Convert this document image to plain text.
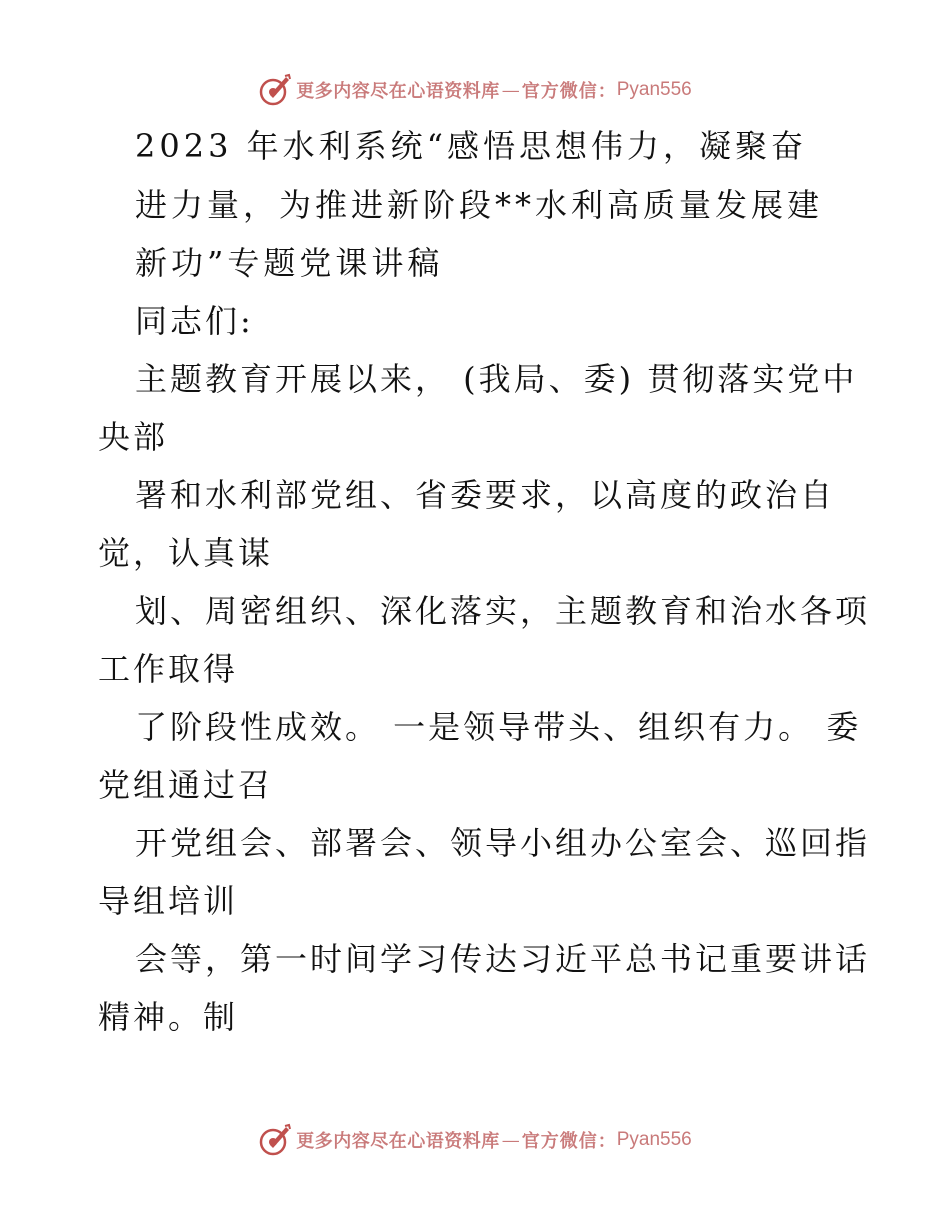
更多内容尽在心语资料库 — 官方微信： Pyan556
2023 年水利系统“感悟思想伟力，凝聚奋
进力量，为推进新阶段**水利高质量发展建
新功”专题党课讲稿
同志们:
主题教育开展以来， (我局、委) 贯彻落实党中
央部
署和水利部党组、省委要求，以高度的政治自
觉，认真谋
划、周密组织、深化落实，主题教育和治水各项
工作取得
了阶段性成效。 一是领导带头、组织有力。 委
党组通过召
开党组会、部署会、领导小组办公室会、巡回指
导组培训
会等，第一时间学习传达习近平总书记重要讲话
精神。制
更多内容尽在心语资料库 — 官方微信： Pyan556
